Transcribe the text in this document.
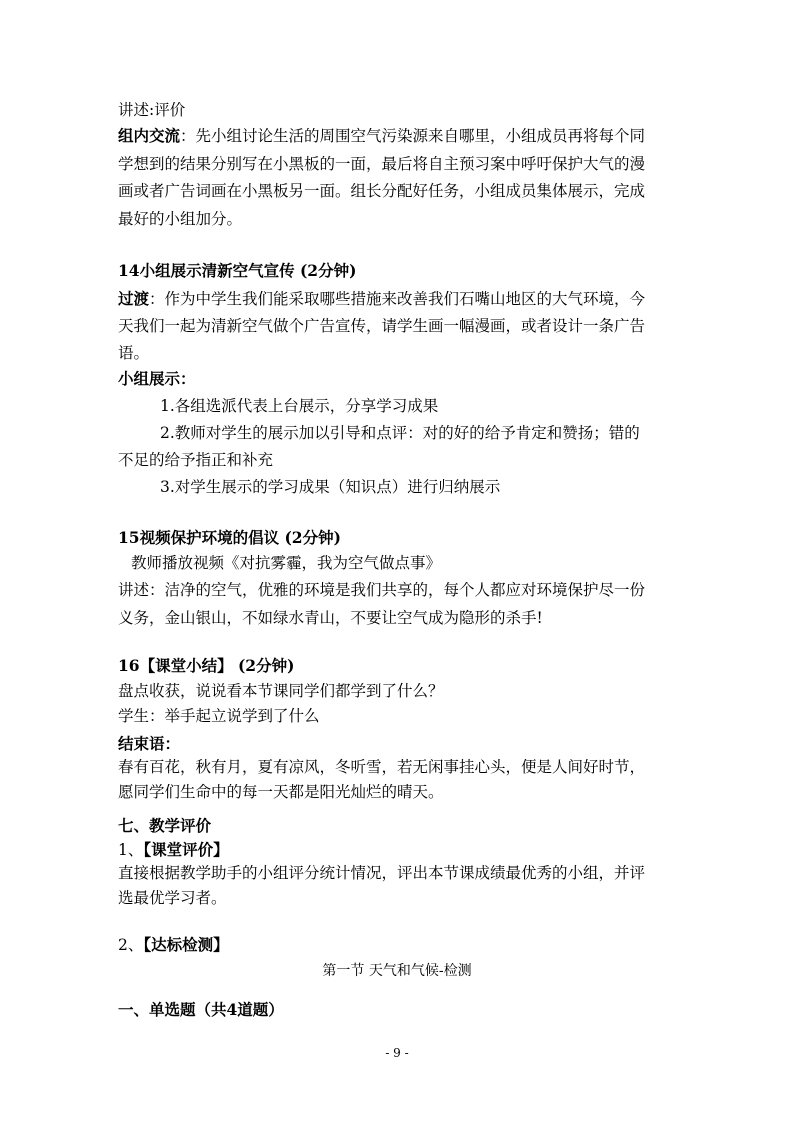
讲述:评价
组内交流：先小组讨论生活的周围空气污染源来自哪里，小组成员再将每个同
学想到的结果分别写在小黑板的一面，最后将自主预习案中呼吁保护大气的漫
画或者广告词画在小黑板另一面。组长分配好任务，小组成员集体展示，完成
最好的小组加分。
14小组展示清新空气宣传 (2分钟)
过渡：作为中学生我们能采取哪些措施来改善我们石嘴山地区的大气环境，今
天我们一起为清新空气做个广告宣传，请学生画一幅漫画，或者设计一条广告
语。
小组展示：
1.各组选派代表上台展示，分享学习成果
2.教师对学生的展示加以引导和点评：对的好的给予肯定和赞扬；错的
不足的给予指正和补充
3.对学生展示的学习成果（知识点）进行归纳展示
15视频保护环境的倡议 (2分钟)
教师播放视频《对抗雾霾，我为空气做点事》
讲述：洁净的空气，优雅的环境是我们共享的，每个人都应对环境保护尽一份
义务，金山银山，不如绿水青山，不要让空气成为隐形的杀手!
16【课堂小结】 (2分钟)
盘点收获，说说看本节课同学们都学到了什么？
学生：举手起立说学到了什么
结束语：
春有百花，秋有月，夏有凉风，冬听雪，若无闲事挂心头，便是人间好时节，
愿同学们生命中的每一天都是阳光灿烂的晴天。
七、教学评价
1、【课堂评价】
直接根据教学助手的小组评分统计情况，评出本节课成绩最优秀的小组，并评
选最优学习者。
2、【达标检测】
第一节 天气和气候-检测
一、单选题（共4道题）
- 9 -
